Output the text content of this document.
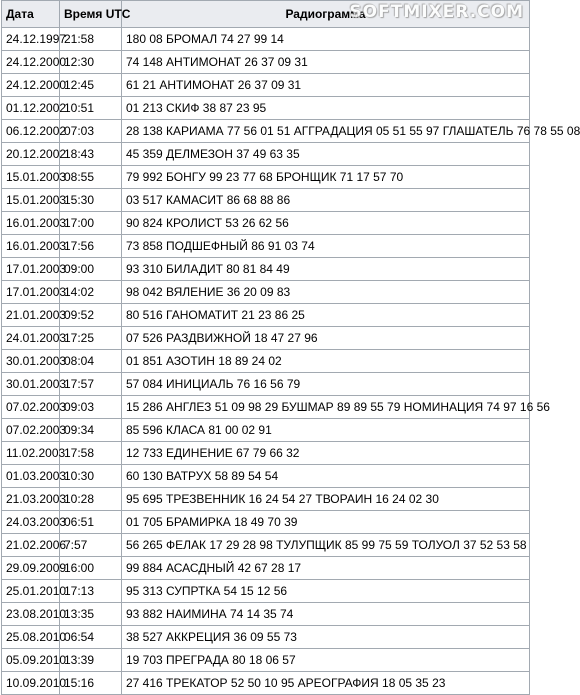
Дата	Время UTC	Радиограмма
24.12.1997	21:58	180 08 БРОМАЛ 74 27 99 14
24.12.2000	12:30	74 148 АНТИМОНАТ 26 37 09 31
24.12.2000	12:45	61 21 АНТИМОНАТ 26 37 09 31
01.12.2002	10:51	01 213 СКИФ 38 87 23 95
06.12.2002	07:03	28 138 КАРИАМА 77 56 01 51 АГГРАДАЦИЯ 05 51 55 97 ГЛАШАТЕЛЬ 76 78 55 08
20.12.2002	18:43	45 359 ДЕЛМЕЗОН 37 49 63 35
15.01.2003	08:55	79 992 БОНГУ 99 23 77 68 БРОНЩИК 71 17 57 70
15.01.2003	15:30	03 517 КАМАСИТ 86 68 88 86
16.01.2003	17:00	90 824 КРОЛИСТ 53 26 62 56
16.01.2003	17:56	73 858 ПОДШЕФНЫЙ 86 91 03 74
17.01.2003	09:00	93 310 БИЛАДИТ 80 81 84 49
17.01.2003	14:02	98 042 ВЯЛЕНИЕ 36 20 09 83
21.01.2003	09:52	80 516 ГАНОМАТИТ 21 23 86 25
24.01.2003	17:25	07 526 РАЗДВИЖНОЙ 18 47 27 96
30.01.2003	08:04	01 851 АЗОТИН 18 89 24 02
30.01.2003	17:57	57 084 ИНИЦИАЛЬ 76 16 56 79
07.02.2003	09:03	15 286 АНГЛЕЗ 51 09 98 29 БУШМАР 89 89 55 79 НОМИНАЦИЯ 74 97 16 56
07.02.2003	09:34	85 596 КЛАСА 81 00 02 91
11.02.2003	17:58	12 733 ЕДИНЕНИЕ 67 79 66 32
01.03.2003	10:30	60 130 ВАТРУХ 58 89 54 54
21.03.2003	10:28	95 695 ТРЕЗВЕННИК 16 24 54 27 ТВОРАИН 16 24 02 30
24.03.2003	06:51	01 705 БРАМИРКА 18 49 70 39
21.02.2006	7:57	56 265 ФЕЛАК 17 29 28 98 ТУЛУПЩИК 85 99 75 59 ТОЛУОЛ 37 52 53 58
29.09.2009	16:00	99 884 АСАСДНЫЙ 42 67 28 17
25.01.2010	17:13	95 313 СУПРТКА 54 15 12 56
23.08.2010	13:35	93 882 НАИМИНА 74 14 35 74
25.08.2010	06:54	38 527 АККРЕЦИЯ 36 09 55 73
05.09.2010	13:39	19 703 ПРЕГРАДА 80 18 06 57
10.09.2010	15:16	27 416 ТРЕКАТОР 52 50 10 95 АРЕОГРАФИЯ 18 05 35 23
SOFTMIXER.COM
